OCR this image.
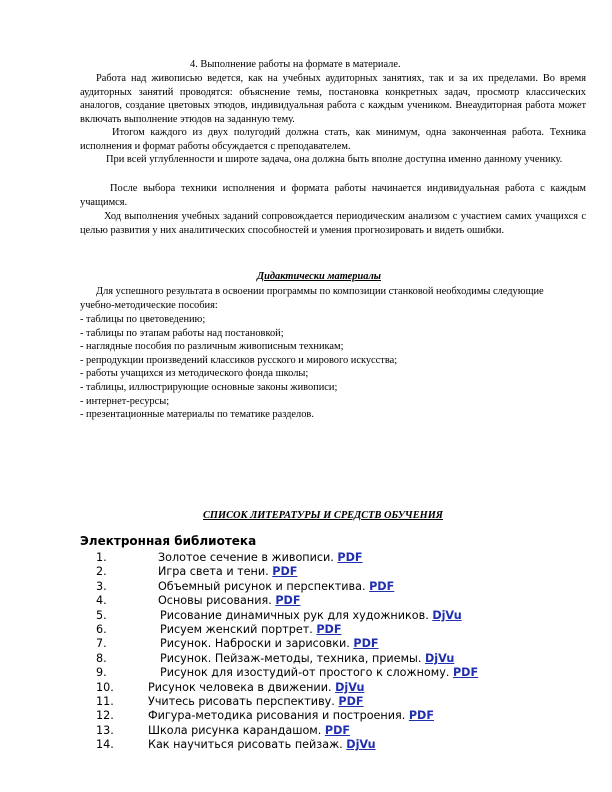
4. Выполнение работы на формате в материале.
Работа над живописью ведется, как на учебных аудиторных занятиях, так и за их пределами. Во время аудиторных занятий проводятся: объяснение темы, постановка конкретных задач, просмотр классических аналогов, создание цветовых этюдов, индивидуальная работа с каждым учеником. Внеаудиторная работа может включать выполнение этюдов на заданную тему.
Итогом каждого из двух полугодий должна стать, как минимум, одна законченная работа. Техника исполнения и формат работы обсуждается с преподавателем.
При всей углубленности и широте задача, она должна быть вполне доступна именно данному ученику.
После выбора техники исполнения и формата работы начинается индивидуальная работа с каждым учащимся.
Ход выполнения учебных заданий сопровождается периодическим анализом с участием самих учащихся с целью развития у них аналитических способностей и умения прогнозировать и видеть ошибки.
Дидактически материалы
Для успешного результата в освоении программы по композиции станковой необходимы следующие учебно-методические пособия:
- таблицы по цветоведению;
- таблицы по этапам работы над постановкой;
- наглядные пособия по различным живописным техникам;
- репродукции произведений классиков русского и мирового искусства;
- работы учащихся из методического фонда школы;
- таблицы, иллюстрирующие основные законы живописи;
- интернет-ресурсы;
- презентационные материалы по тематике разделов.
СПИСОК ЛИТЕРАТУРЫ И СРЕДСТВ ОБУЧЕНИЯ
Электронная библиотека
1.	Золотое сечение в живописи. PDF
2.	Игра света и тени. PDF
3.	Объемный рисунок и перспектива. PDF
4.	Основы рисования. PDF
5.	Рисование динамичных рук для художников. DjVu
6.	Рисуем женский портрет. PDF
7.	Рисунок. Наброски и зарисовки. PDF
8.	Рисунок. Пейзаж-методы, техника, приемы. DjVu
9.	Рисунок для изостудий-от простого к сложному. PDF
10.	Рисунок человека в движении. DjVu
11.	Учитесь рисовать перспективу. PDF
12.	Фигура-методика рисования и построения. PDF
13.	Школа рисунка карандашом. PDF
14.	Как научиться рисовать пейзаж. DjVu
